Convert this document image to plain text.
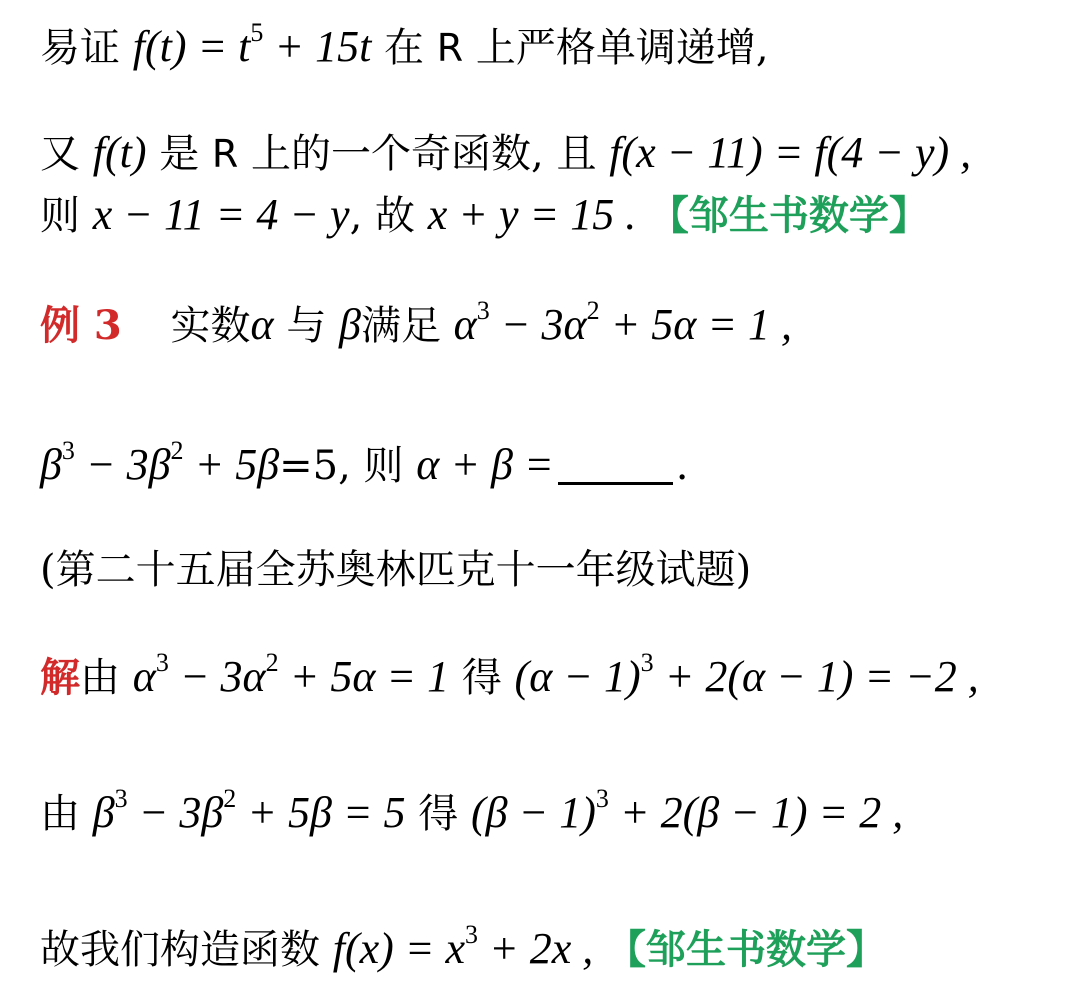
易证 $f(t) = t^5 + 15t$ 在 R 上严格单调递增,
又 f(t) 是 R 上的一个奇函数, 且 f(x − 11) = f(4 − y) ,
则 x − 11 = 4 − y, 故 x + y = 15 . 【邹生书数学】
例 3 实数α 与 β满足 $\alpha^3 - 3\alpha^2 + 5\alpha = 1$ ,
$\beta^3 - 3\beta^2 + 5\beta=5$, 则 α + β =	.
(第二十五届全苏奥林匹克十一年级试题)
解由 $\alpha^3 - 3\alpha^2 + 5\alpha = 1$ 得 $(\alpha - 1)^3 + 2(\alpha - 1) = -2$ ,
由 $\beta^3 - 3\beta^2 + 5\beta = 5$ 得 $(\beta - 1)^3 + 2(\beta - 1) = 2$ ,
故我们构造函数 $f(x) = x^3 + 2x$ , 【邹生书数学】
